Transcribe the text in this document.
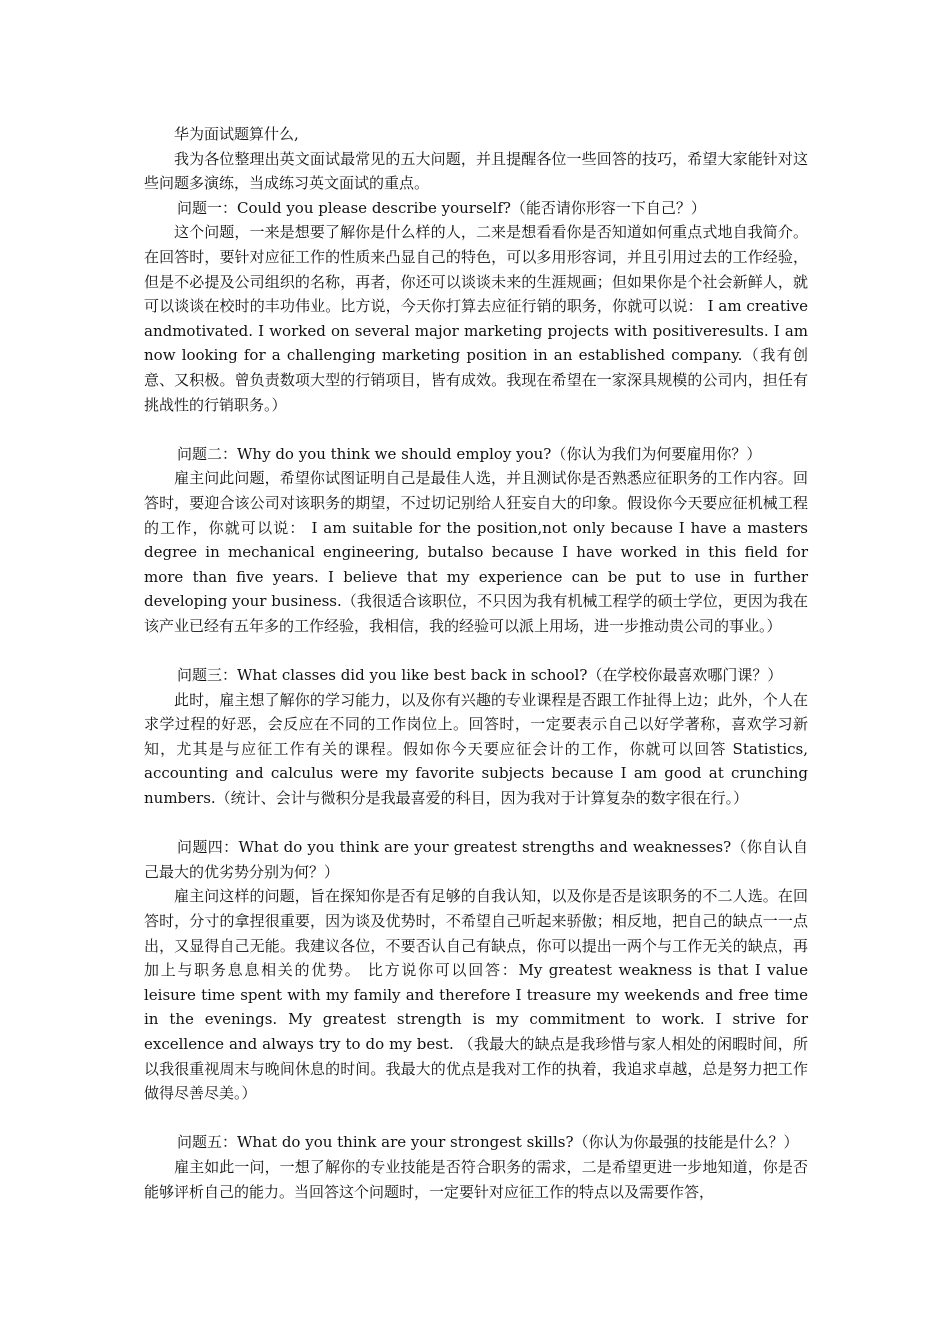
华为面试题算什么,

我为各位整理出英文面试最常见的五大问题，并且提醒各位一些回答的技巧，希望大家能针对这些问题多演练，当成练习英文面试的重点。

问题一：Could you please describe yourself?（能否请你形容一下自己？）

这个问题，一来是想要了解你是什么样的人，二来是想看看你是否知道如何重点式地自我简介。在回答时，要针对应征工作的性质来凸显自己的特色，可以多用形容词，并且引用过去的工作经验，但是不必提及公司组织的名称，再者，你还可以谈谈未来的生涯规画；但如果你是个社会新鲜人，就可以谈谈在校时的丰功伟业。比方说，今天你打算去应征行销的职务，你就可以说： I am creative andmotivated. I worked on several major marketing projects with positiveresults. I am now looking for a challenging marketing position in an established company.（我有创意、又积极。曾负责数项大型的行销项目，皆有成效。我现在希望在一家深具规模的公司内，担任有挑战性的行销职务。）

问题二：Why do you think we should employ you?（你认为我们为何要雇用你？）

雇主问此问题，希望你试图证明自己是最佳人选，并且测试你是否熟悉应征职务的工作内容。回答时，要迎合该公司对该职务的期望，不过切记别给人狂妄自大的印象。假设你今天要应征机械工程的工作，你就可以说： I am suitable for the position,not only because I have a masters degree in mechanical engineering, butalso because I have worked in this field for more than five years. I believe that my experience can be put to use in further developing your business.（我很适合该职位，不只因为我有机械工程学的硕士学位，更因为我在该产业已经有五年多的工作经验，我相信，我的经验可以派上用场，进一步推动贵公司的事业。）

问题三：What classes did you like best back in school?（在学校你最喜欢哪门课？）

此时，雇主想了解你的学习能力，以及你有兴趣的专业课程是否跟工作扯得上边；此外，个人在求学过程的好恶，会反应在不同的工作岗位上。回答时，一定要表示自己以好学著称，喜欢学习新知，尤其是与应征工作有关的课程。假如你今天要应征会计的工作，你就可以回答 Statistics, accounting and calculus were my favorite subjects because I am good at crunching numbers.（统计、会计与微积分是我最喜爱的科目，因为我对于计算复杂的数字很在行。）

问题四：What do you think are your greatest strengths and weaknesses?（你自认自己最大的优劣势分别为何？）

雇主问这样的问题，旨在探知你是否有足够的自我认知，以及你是否是该职务的不二人选。在回答时，分寸的拿捏很重要，因为谈及优势时，不希望自己听起来骄傲；相反地，把自己的缺点一一点出，又显得自己无能。我建议各位，不要否认自己有缺点，你可以提出一两个与工作无关的缺点，再加上与职务息息相关的优势。 比方说你可以回答：My greatest weakness is that I value leisure time spent with my family and therefore I treasure my weekends and free time in the evenings. My greatest strength is my commitment to work. I strive for excellence and always try to do my best. （我最大的缺点是我珍惜与家人相处的闲暇时间，所以我很重视周末与晚间休息的时间。我最大的优点是我对工作的执着，我追求卓越，总是努力把工作做得尽善尽美。）

问题五：What do you think are your strongest skills?（你认为你最强的技能是什么？）

雇主如此一问，一想了解你的专业技能是否符合职务的需求，二是希望更进一步地知道，你是否能够评析自己的能力。当回答这个问题时，一定要针对应征工作的特点以及需要作答，
